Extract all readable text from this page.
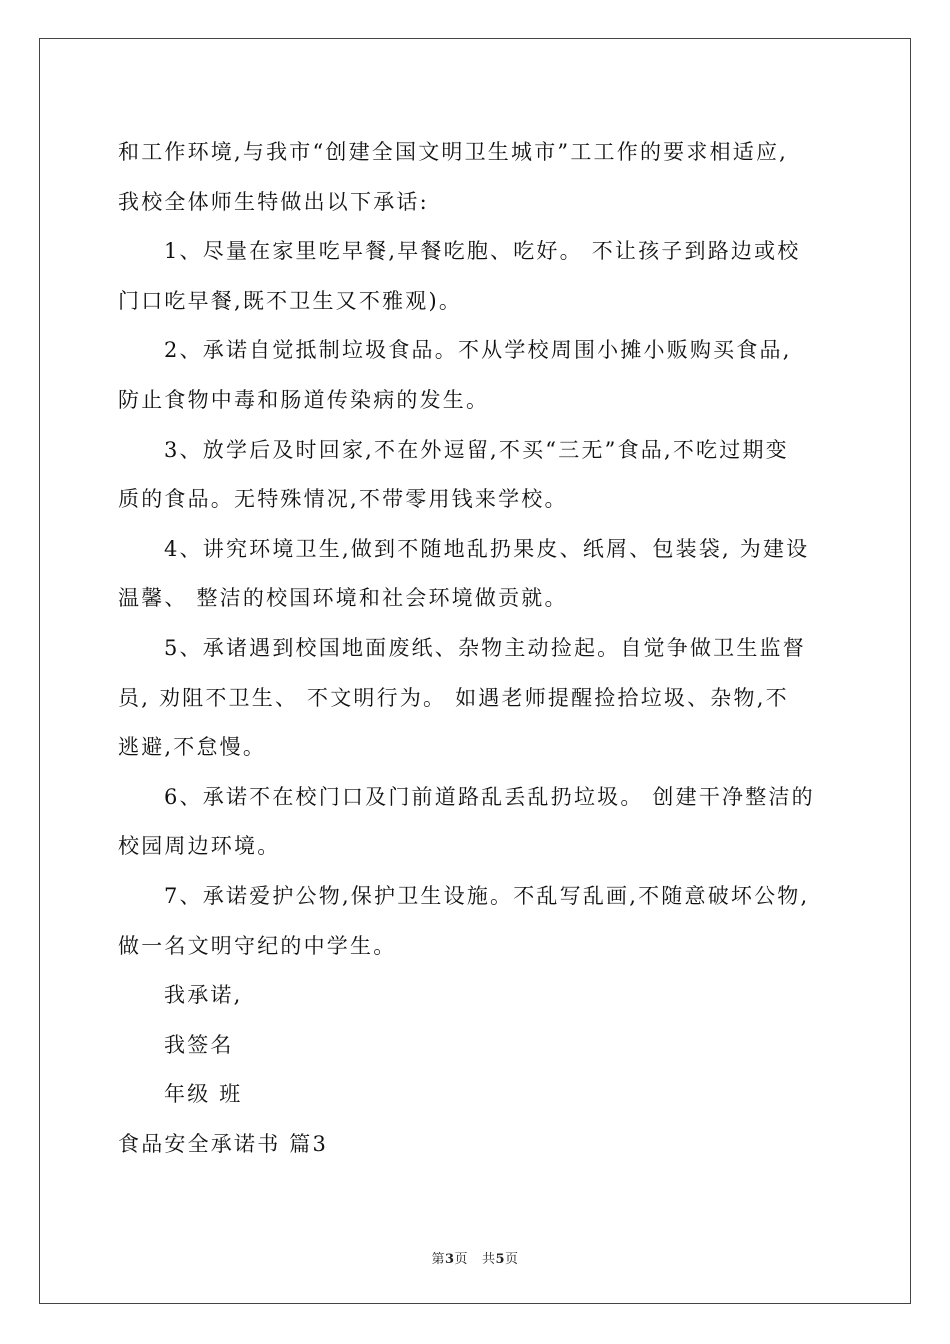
和工作环境,与我市“创建全国文明卫生城市”工工作的要求相适应,
我校全体师生特做出以下承话:
1、尽量在家里吃早餐,早餐吃胞、吃好。 不让孩子到路边或校
门口吃早餐,既不卫生又不雅观)。
2、承诺自觉抵制垃圾食品。不从学校周围小摊小贩购买食品,
防止食物中毒和肠道传染病的发生。
3、放学后及时回家,不在外逗留,不买“三无”食品,不吃过期变
质的食品。无特殊情况,不带零用钱来学校。
4、讲究环境卫生,做到不随地乱扔果皮、纸屑、包装袋, 为建设
温馨、 整洁的校国环境和社会环境做贡就。
5、承诸遇到校国地面废纸、杂物主动捡起。自觉争做卫生监督
员, 劝阻不卫生、 不文明行为。 如遇老师提醒捡拾垃圾、杂物,不
逃避,不怠慢。
6、承诺不在校门口及门前道路乱丢乱扔垃圾。 创建干净整洁的
校园周边环境。
7、承诺爱护公物,保护卫生设施。不乱写乱画,不随意破坏公物,
做一名文明守纪的中学生。
我承诺,
我签名
年级 班
食品安全承诺书 篇3
第3页 共5页
